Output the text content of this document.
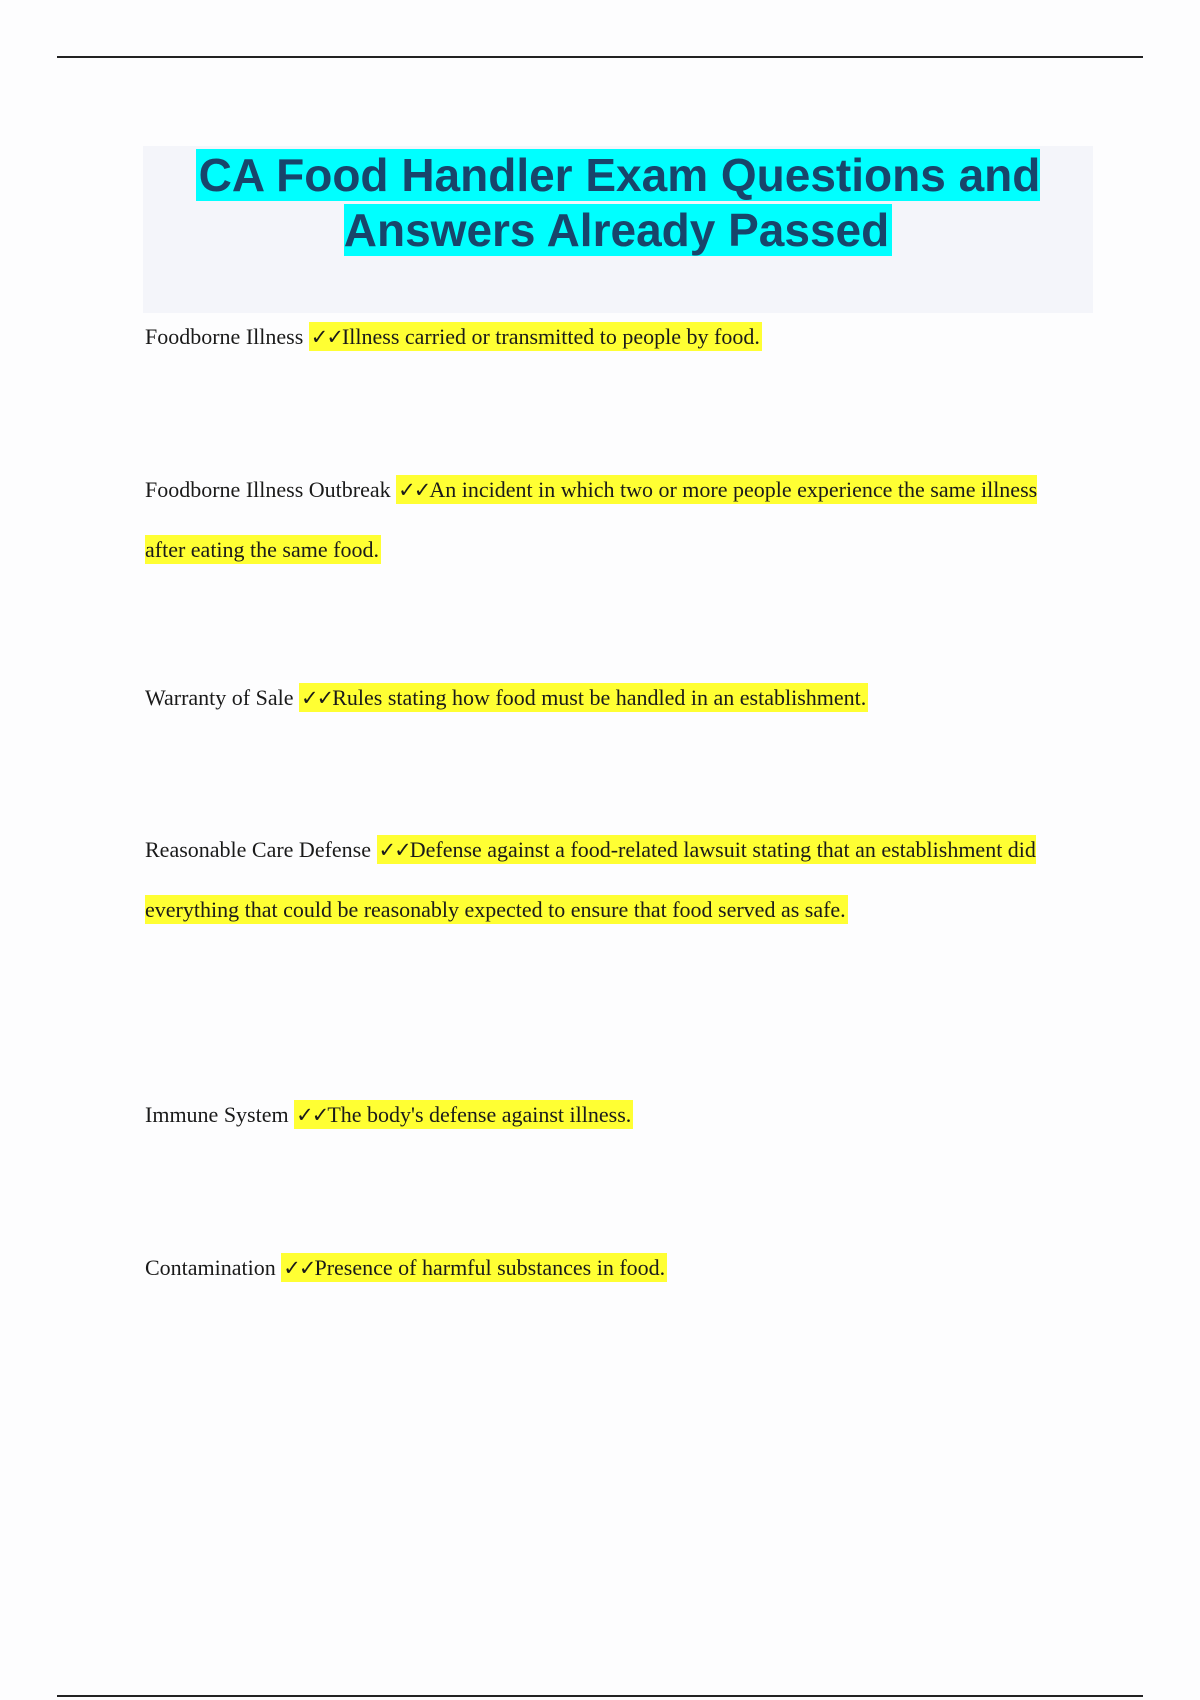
CA Food Handler Exam Questions and Answers Already Passed

Foodborne Illness ✓✓Illness carried or transmitted to people by food.

Foodborne Illness Outbreak ✓✓An incident in which two or more people experience the same illness after eating the same food.

Warranty of Sale ✓✓Rules stating how food must be handled in an establishment.

Reasonable Care Defense ✓✓Defense against a food-related lawsuit stating that an establishment did everything that could be reasonably expected to ensure that food served as safe.

Immune System ✓✓The body's defense against illness.

Contamination ✓✓Presence of harmful substances in food.
